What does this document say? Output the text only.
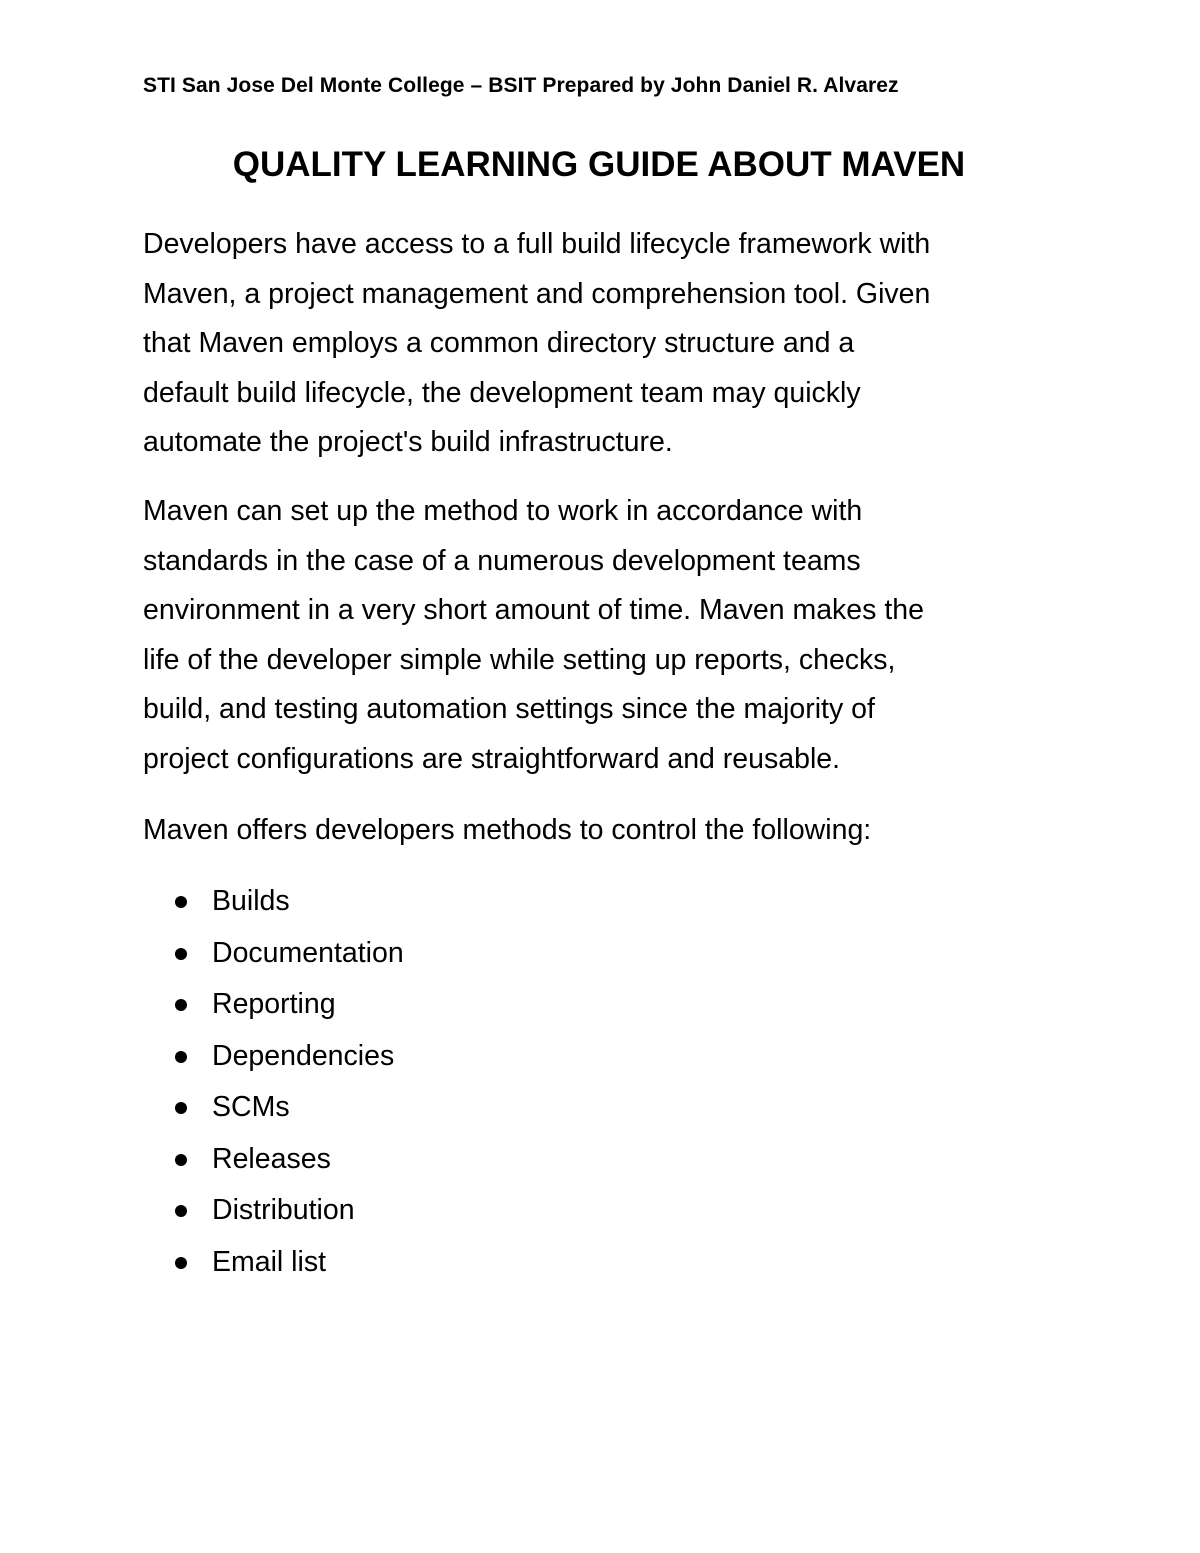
STI San Jose Del Monte College – BSIT Prepared by John Daniel R. Alvarez
QUALITY LEARNING GUIDE ABOUT MAVEN

Developers have access to a full build lifecycle framework with
Maven, a project management and comprehension tool. Given
that Maven employs a common directory structure and a
default build lifecycle, the development team may quickly
automate the project's build infrastructure.

Maven can set up the method to work in accordance with
standards in the case of a numerous development teams
environment in a very short amount of time. Maven makes the
life of the developer simple while setting up reports, checks,
build, and testing automation settings since the majority of
project configurations are straightforward and reusable.

Maven offers developers methods to control the following:

Builds
Documentation
Reporting
Dependencies
SCMs
Releases
Distribution
Email list
